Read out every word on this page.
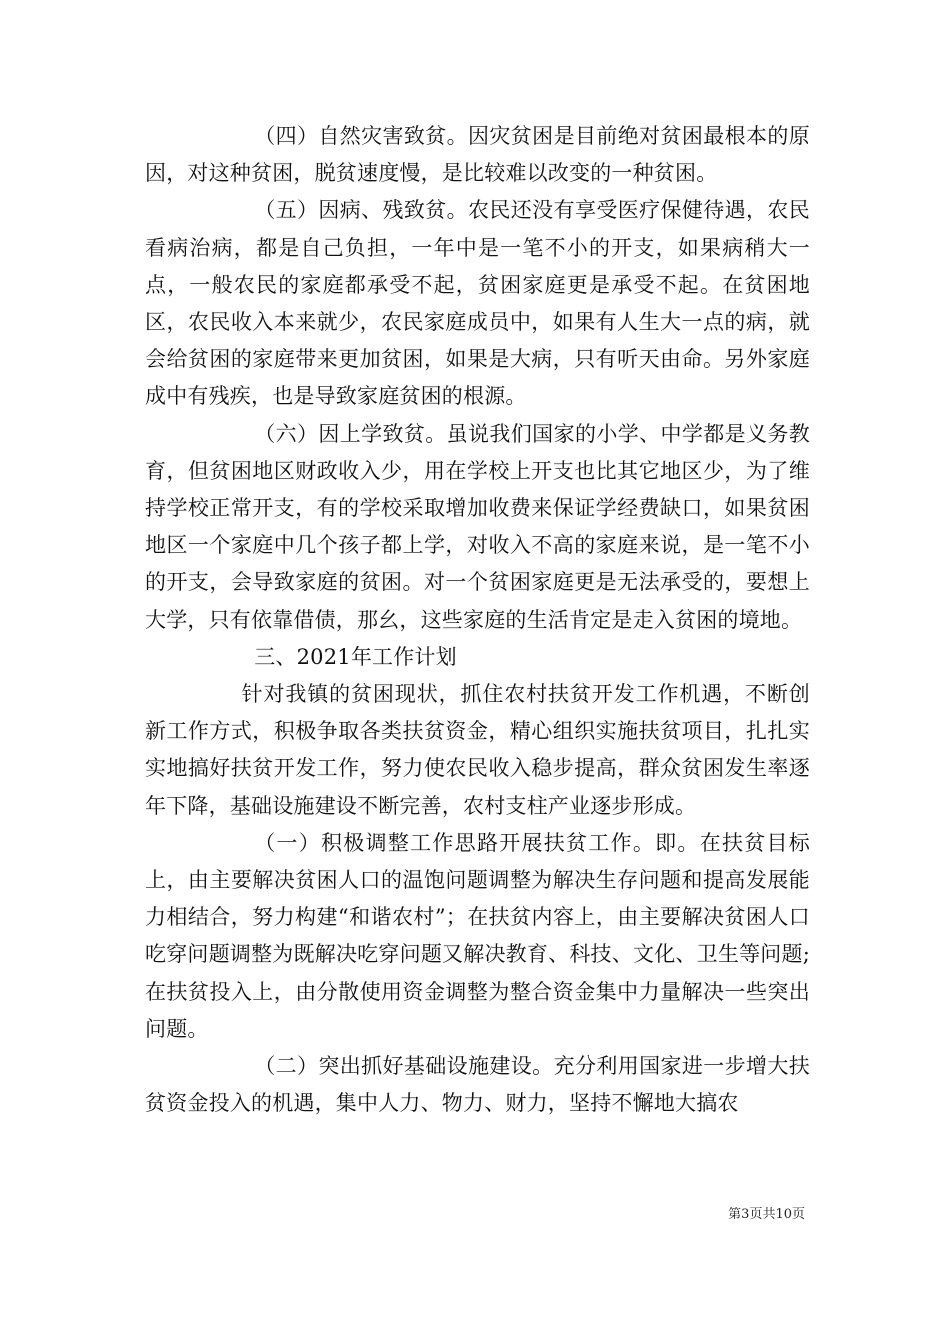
（四）自然灾害致贫。因灾贫困是目前绝对贫困最根本的原因，对这种贫困，脱贫速度慢，是比较难以改变的一种贫困。

（五）因病、残致贫。农民还没有享受医疗保健待遇，农民看病治病，都是自己负担，一年中是一笔不小的开支，如果病稍大一点，一般农民的家庭都承受不起，贫困家庭更是承受不起。在贫困地区，农民收入本来就少，农民家庭成员中，如果有人生大一点的病，就会给贫困的家庭带来更加贫困，如果是大病，只有听天由命。另外家庭成中有残疾，也是导致家庭贫困的根源。

（六）因上学致贫。虽说我们国家的小学、中学都是义务教育，但贫困地区财政收入少，用在学校上开支也比其它地区少，为了维持学校正常开支，有的学校采取增加收费来保证学经费缺口，如果贫困地区一个家庭中几个孩子都上学，对收入不高的家庭来说，是一笔不小的开支，会导致家庭的贫困。对一个贫困家庭更是无法承受的，要想上大学，只有依靠借债，那幺，这些家庭的生活肯定是走入贫困的境地。

三、2021年工作计划

针对我镇的贫困现状，抓住农村扶贫开发工作机遇，不断创新工作方式，积极争取各类扶贫资金，精心组织实施扶贫项目，扎扎实实地搞好扶贫开发工作，努力使农民收入稳步提高，群众贫困发生率逐年下降，基础设施建设不断完善，农村支柱产业逐步形成。

（一）积极调整工作思路开展扶贫工作。即。在扶贫目标上，由主要解决贫困人口的温饱问题调整为解决生存问题和提高发展能力相结合，努力构建“和谐农村”；在扶贫内容上，由主要解决贫困人口吃穿问题调整为既解决吃穿问题又解决教育、科技、文化、卫生等问题;在扶贫投入上，由分散使用资金调整为整合资金集中力量解决一些突出问题。

（二）突出抓好基础设施建设。充分利用国家进一步增大扶贫资金投入的机遇，集中人力、物力、财力，坚持不懈地大搞农

第3页共10页
